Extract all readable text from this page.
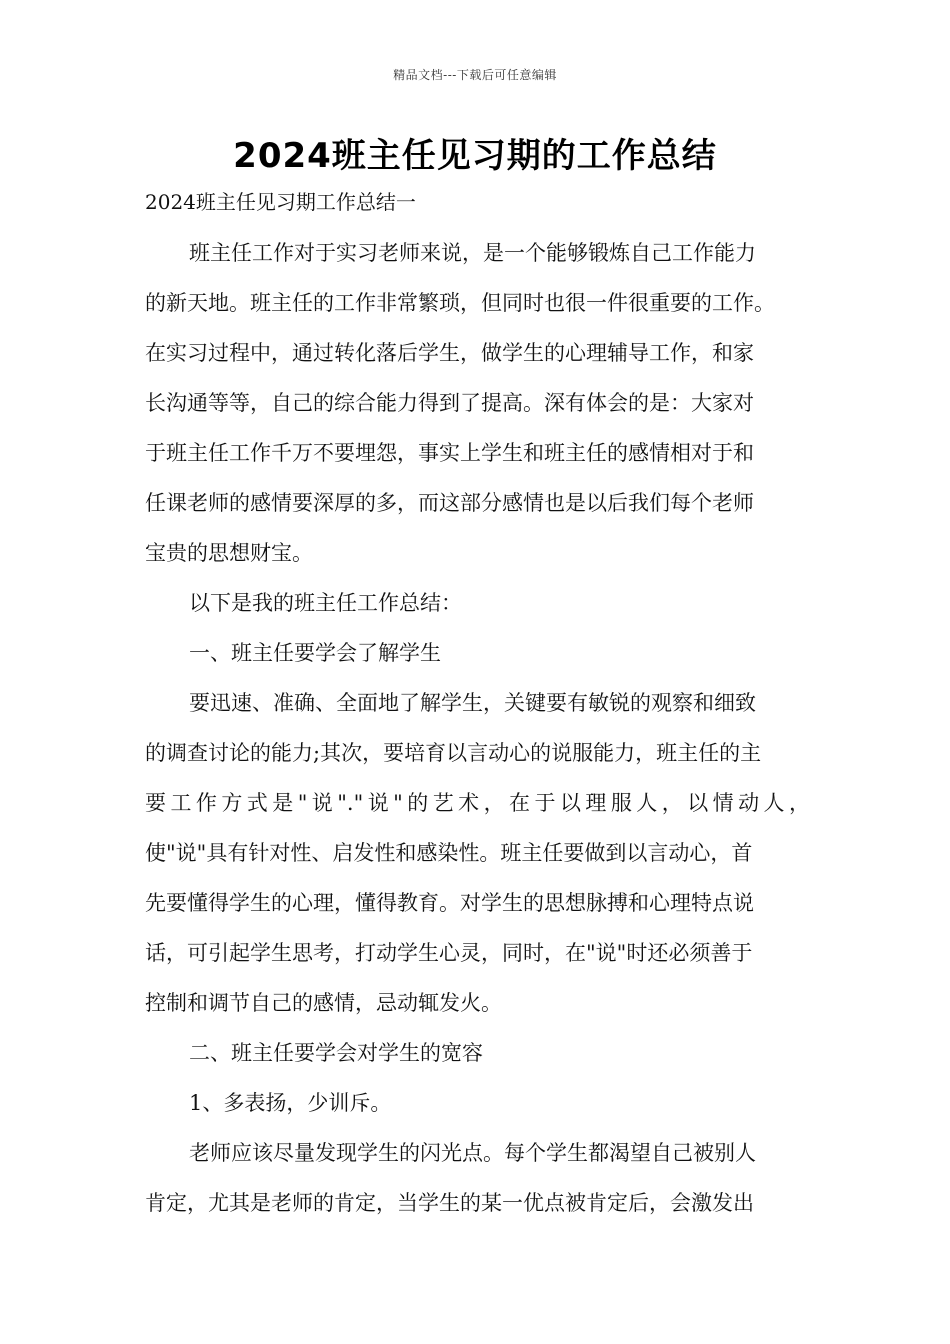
精品文档---下载后可任意编辑
2024班主任见习期的工作总结
2024班主任见习期工作总结一
班主任工作对于实习老师来说，是一个能够锻炼自己工作能力
的新天地。班主任的工作非常繁琐，但同时也很一件很重要的工作。
在实习过程中，通过转化落后学生，做学生的心理辅导工作，和家
长沟通等等，自己的综合能力得到了提高。深有体会的是：大家对
于班主任工作千万不要埋怨，事实上学生和班主任的感情相对于和
任课老师的感情要深厚的多，而这部分感情也是以后我们每个老师
宝贵的思想财宝。
以下是我的班主任工作总结：
一、班主任要学会了解学生
要迅速、准确、全面地了解学生，关键要有敏锐的观察和细致
的调查讨论的能力;其次，要培育以言动心的说服能力，班主任的主
要工作方式是"说"."说"的艺术，在于以理服人，以情动人，
使"说"具有针对性、启发性和感染性。班主任要做到以言动心，首
先要懂得学生的心理，懂得教育。对学生的思想脉搏和心理特点说
话，可引起学生思考，打动学生心灵，同时，在"说"时还必须善于
控制和调节自己的感情，忌动辄发火。
二、班主任要学会对学生的宽容
1、多表扬，少训斥。
老师应该尽量发现学生的闪光点。每个学生都渴望自己被别人
肯定，尤其是老师的肯定，当学生的某一优点被肯定后，会激发出
